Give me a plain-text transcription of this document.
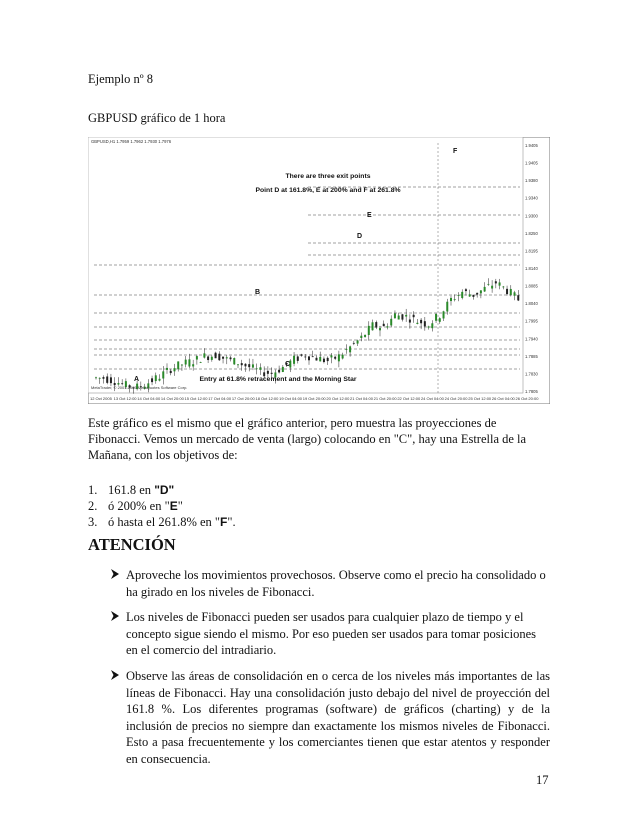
Ejemplo nº 8
GBPUSD gráfico de 1 hora
1.9405
1.9405
1.9380
1.9340
1.9300
1.8250
1.8195
1.8140
1.8085
1.8040
1.7995
1.7940
1.7885
1.7830
1.7805
12 Oct 2005 13 Oct 12:00 14 Oct 04:00 14 Oct 20:00 15 Oct 12:00 17 Oct 04:00 17 Oct 20:00 18 Oct 12:00 19 Oct 04:00 19 Oct 20:00 20 Oct 12:00 21 Oct 04:00 21 Oct 20:00 22 Oct 12:00 24 Oct 04:00 24 Oct 20:00 25 Oct 12:00 26 Oct 04:00 26 Oct 20:00
GBPUSD,H1 1.7959 1.7962 1.7930 1.7976
There are three exit points
Point D at 161.8%, E at 200% and F at 261.8%
Entry at 61.8% retracement and the Morning Star
MetaTrader, © 2001-2005 MetaQuotes Software Corp.
A
B
C
D
E
F
Este gráfico es el mismo que el gráfico anterior, pero muestra las proyecciones de Fibonacci. Vemos un mercado de venta (largo) colocando en "C", hay una Estrella de la Mañana, con los objetivos de:
1. 161.8 en "D"
2. ó 200% en "E"
3. ó hasta el 261.8% en "F".
ATENCIÓN
Aproveche los movimientos provechosos. Observe como el precio ha consolidado o ha girado en los niveles de Fibonacci.
Los niveles de Fibonacci pueden ser usados para cualquier plazo de tiempo y el concepto sigue siendo el mismo. Por eso pueden ser usados para tomar posiciones en el comercio del intradiario.
Observe las áreas de consolidación en o cerca de los niveles más importantes de las líneas de Fibonacci. Hay una consolidación justo debajo del nivel de proyección del 161.8 %. Los diferentes programas (software) de gráficos (charting) y de la inclusión de precios no siempre dan exactamente los mismos niveles de Fibonacci. Esto a pasa frecuentemente y los comerciantes tienen que estar atentos y responder en consecuencia.
17
